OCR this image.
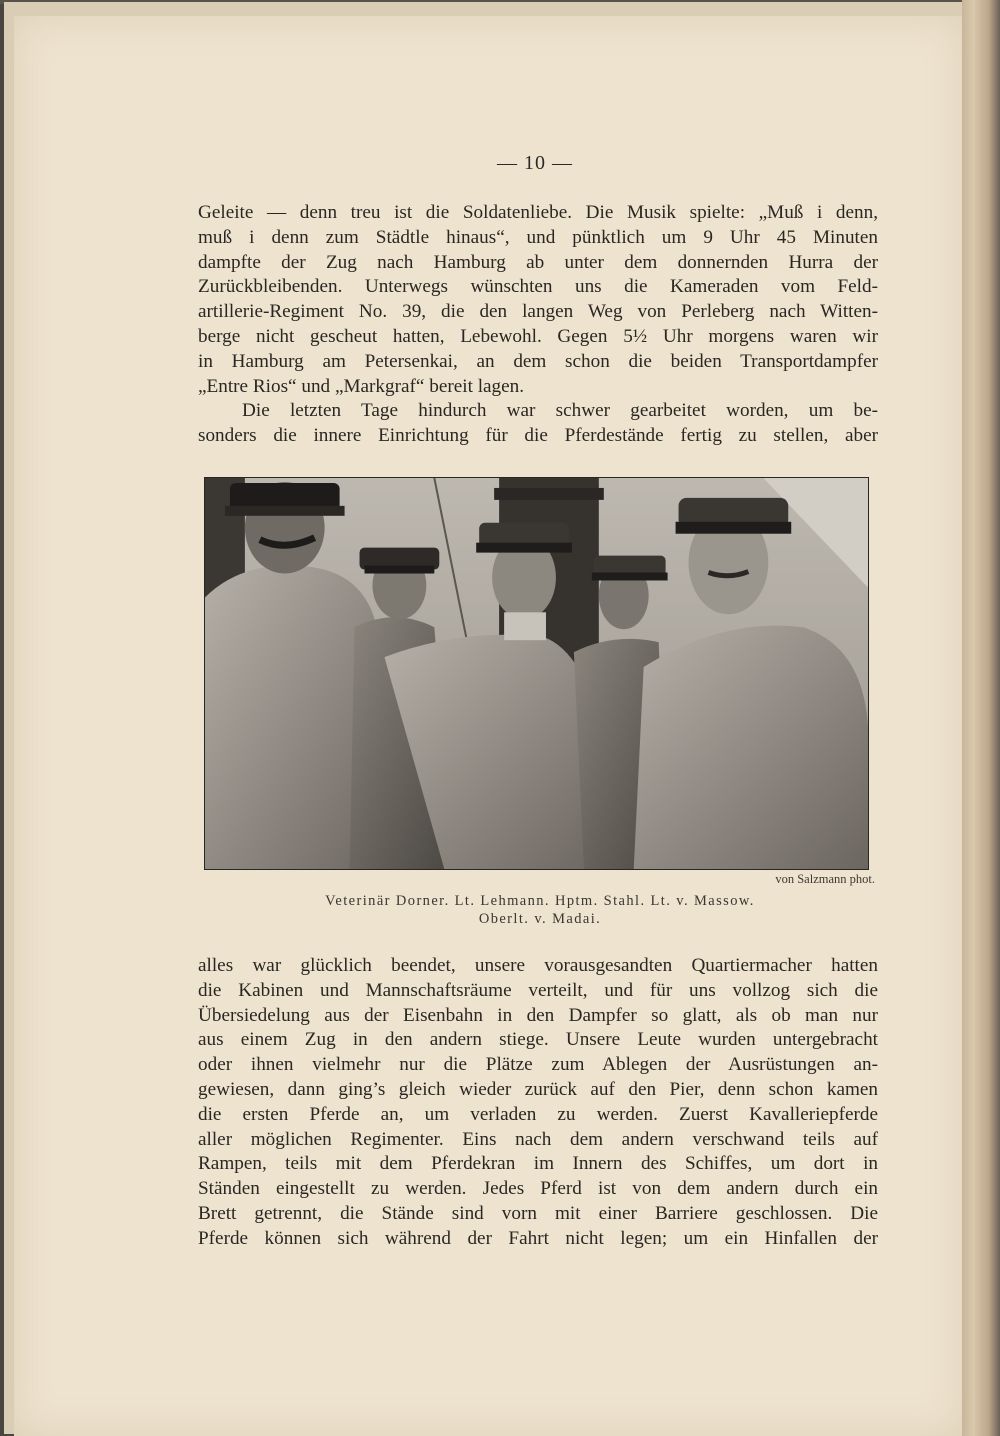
— 10 —

Geleite — denn treu ist die Soldatenliebe. Die Musik spielte: „Muß i denn,

muß i denn zum Städtle hinaus“, und pünktlich um 9 Uhr 45 Minuten

dampfte der Zug nach Hamburg ab unter dem donnernden Hurra der

Zurückbleibenden. Unterwegs wünschten uns die Kameraden vom Feld-

artillerie-Regiment No. 39, die den langen Weg von Perleberg nach Witten-

berge nicht gescheut hatten, Lebewohl. Gegen 5½ Uhr morgens waren wir

in Hamburg am Petersenkai, an dem schon die beiden Transportdampfer

„Entre Rios“ und „Markgraf“ bereit lagen.

Die letzten Tage hindurch war schwer gearbeitet worden, um be-

sonders die innere Einrichtung für die Pferdestände fertig zu stellen, aber

von Salzmann phot.
Veterinär Dorner. Lt. Lehmann. Hptm. Stahl. Lt. v. Massow.
Oberlt. v. Madai.

alles war glücklich beendet, unsere vorausgesandten Quartiermacher hatten

die Kabinen und Mannschaftsräume verteilt, und für uns vollzog sich die

Übersiedelung aus der Eisenbahn in den Dampfer so glatt, als ob man nur

aus einem Zug in den andern stiege. Unsere Leute wurden untergebracht

oder ihnen vielmehr nur die Plätze zum Ablegen der Ausrüstungen an-

gewiesen, dann ging’s gleich wieder zurück auf den Pier, denn schon kamen

die ersten Pferde an, um verladen zu werden. Zuerst Kavalleriepferde

aller möglichen Regimenter. Eins nach dem andern verschwand teils auf

Rampen, teils mit dem Pferdekran im Innern des Schiffes, um dort in

Ständen eingestellt zu werden. Jedes Pferd ist von dem andern durch ein

Brett getrennt, die Stände sind vorn mit einer Barriere geschlossen. Die

Pferde können sich während der Fahrt nicht legen; um ein Hinfallen der
